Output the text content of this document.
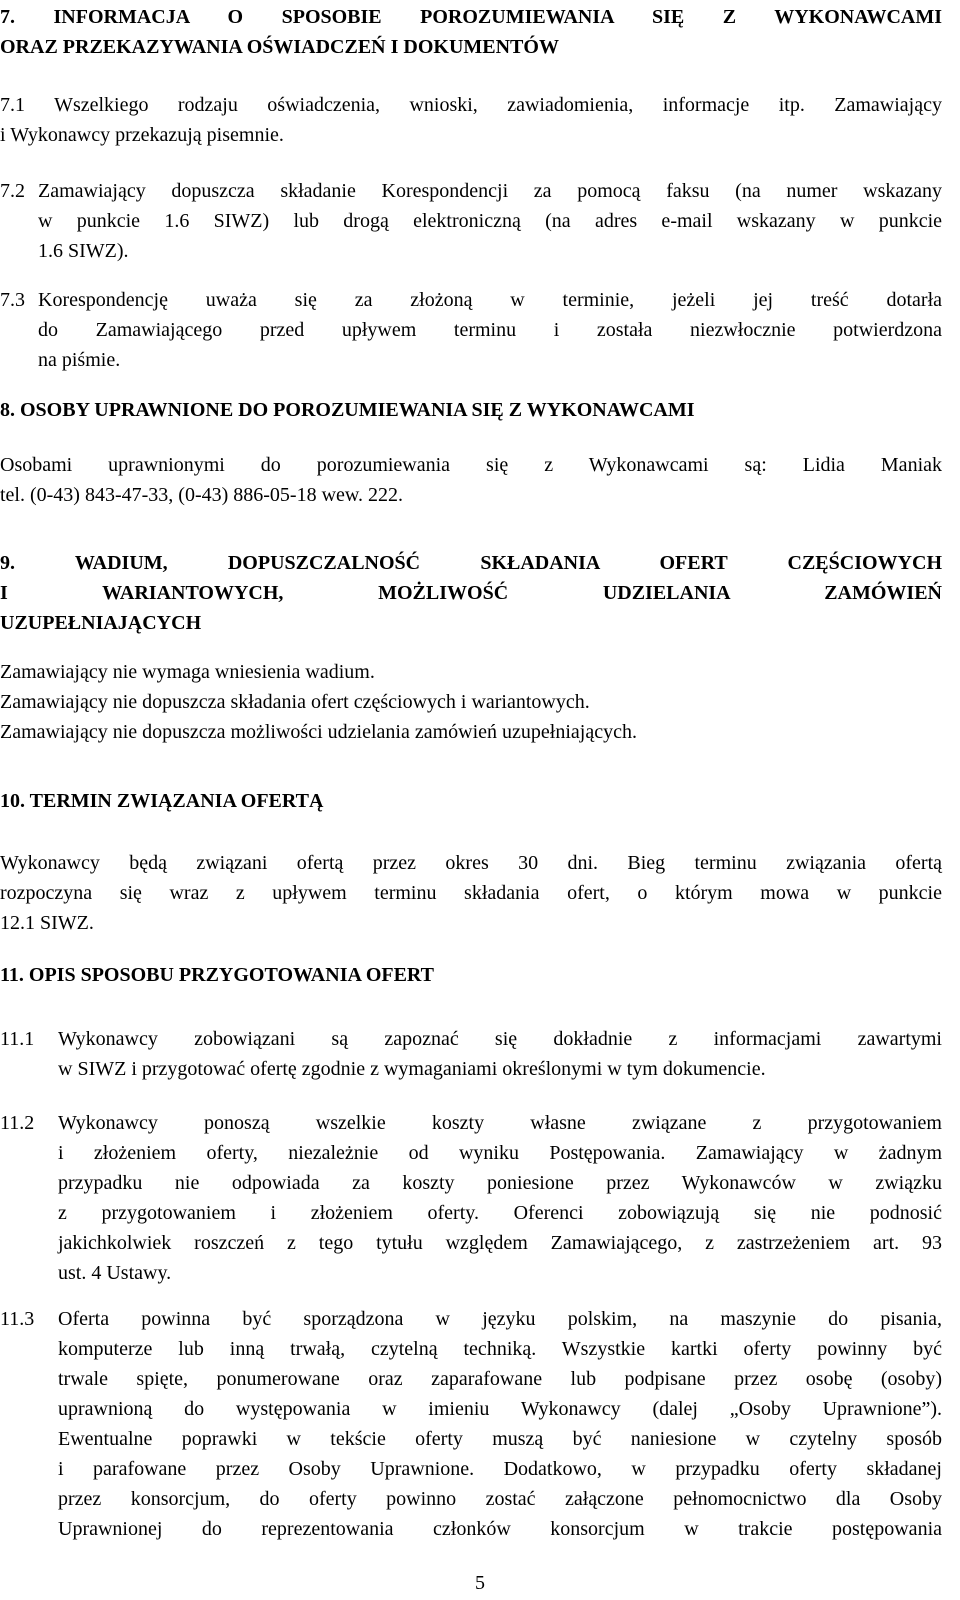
7. INFORMACJA O SPOSOBIE POROZUMIEWANIA SIĘ Z WYKONAWCAMI
ORAZ PRZEKAZYWANIA OŚWIADCZEŃ I DOKUMENTÓW
7.1 Wszelkiego rodzaju oświadczenia, wnioski, zawiadomienia, informacje itp. Zamawiający
i Wykonawcy przekazują pisemnie.
7.2 Zamawiający dopuszcza składanie Korespondencji za pomocą faksu (na numer wskazany
w punkcie 1.6 SIWZ) lub drogą elektroniczną (na adres e-mail wskazany w punkcie
1.6 SIWZ).
7.3 Korespondencję uważa się za złożoną w terminie, jeżeli jej treść dotarła
do Zamawiającego przed upływem terminu i została niezwłocznie potwierdzona
na piśmie.
8. OSOBY UPRAWNIONE DO POROZUMIEWANIA SIĘ Z WYKONAWCAMI
Osobami uprawnionymi do porozumiewania się z Wykonawcami są: Lidia Maniak
tel. (0-43) 843-47-33, (0-43) 886-05-18 wew. 222.
9. WADIUM, DOPUSZCZALNOŚĆ SKŁADANIA OFERT CZĘŚCIOWYCH
I WARIANTOWYCH, MOŻLIWOŚĆ UDZIELANIA ZAMÓWIEŃ
UZUPEŁNIAJĄCYCH
Zamawiający nie wymaga wniesienia wadium.
Zamawiający nie dopuszcza składania ofert częściowych i wariantowych.
Zamawiający nie dopuszcza możliwości udzielania zamówień uzupełniających.
10. TERMIN ZWIĄZANIA OFERTĄ
Wykonawcy będą związani ofertą przez okres 30 dni. Bieg terminu związania ofertą
rozpoczyna się wraz z upływem terminu składania ofert, o którym mowa w punkcie
12.1 SIWZ.
11. OPIS SPOSOBU PRZYGOTOWANIA OFERT
11.1 Wykonawcy zobowiązani są zapoznać się dokładnie z informacjami zawartymi
w SIWZ i przygotować ofertę zgodnie z wymaganiami określonymi w tym dokumencie.
11.2 Wykonawcy ponoszą wszelkie koszty własne związane z przygotowaniem
i złożeniem oferty, niezależnie od wyniku Postępowania. Zamawiający w żadnym
przypadku nie odpowiada za koszty poniesione przez Wykonawców w związku
z przygotowaniem i złożeniem oferty. Oferenci zobowiązują się nie podnosić
jakichkolwiek roszczeń z tego tytułu względem Zamawiającego, z zastrzeżeniem art. 93
ust. 4 Ustawy.
11.3 Oferta powinna być sporządzona w języku polskim, na maszynie do pisania,
komputerze lub inną trwałą, czytelną techniką. Wszystkie kartki oferty powinny być
trwale spięte, ponumerowane oraz zaparafowane lub podpisane przez osobę (osoby)
uprawnioną do występowania w imieniu Wykonawcy (dalej „Osoby Uprawnione”).
Ewentualne poprawki w tekście oferty muszą być naniesione w czytelny sposób
i parafowane przez Osoby Uprawnione. Dodatkowo, w przypadku oferty składanej
przez konsorcjum, do oferty powinno zostać załączone pełnomocnictwo dla Osoby
Uprawnionej do reprezentowania członków konsorcjum w trakcie postępowania
5
